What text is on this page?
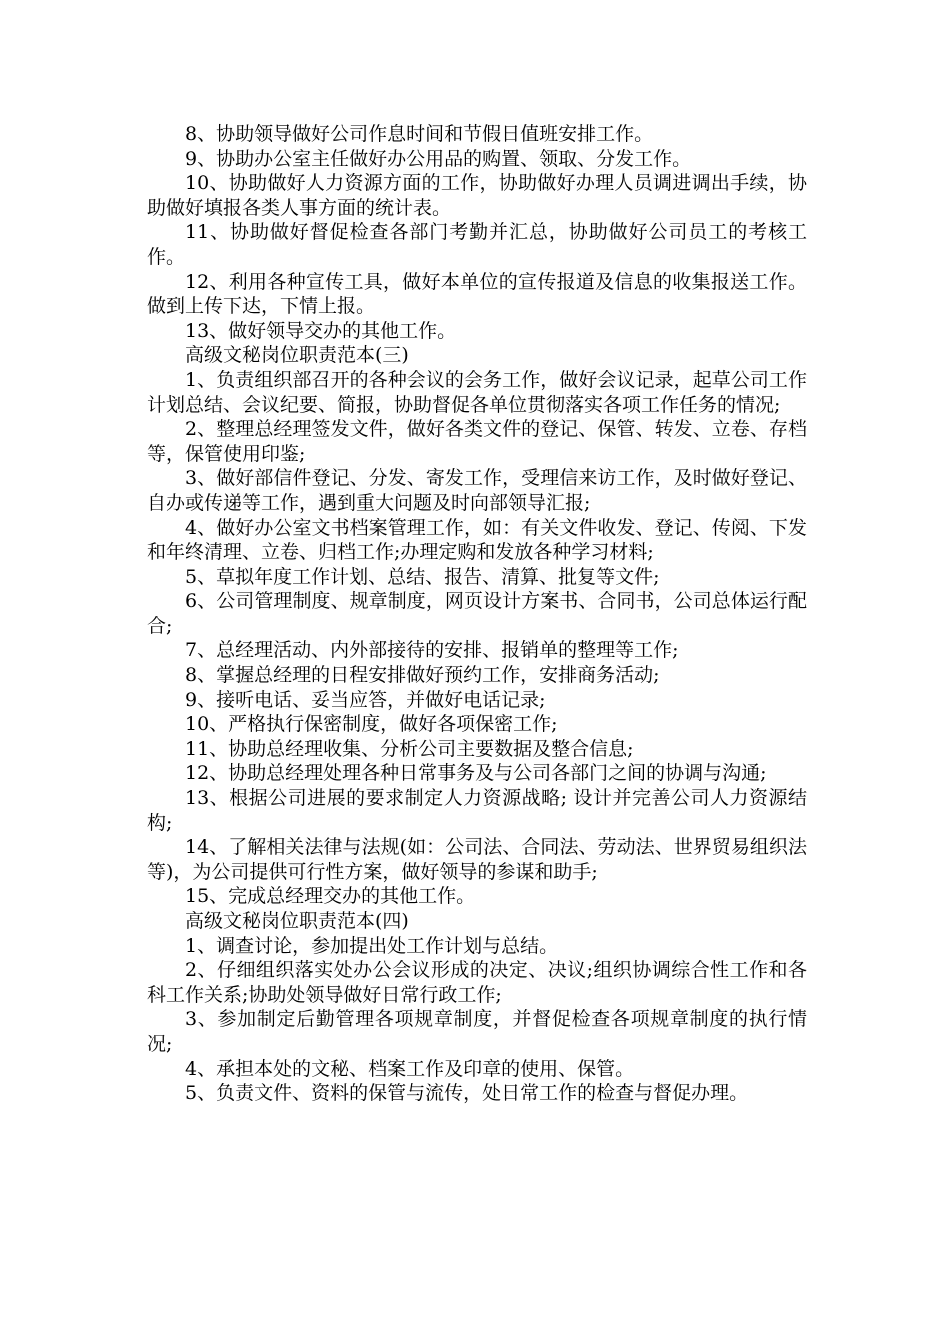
8、协助领导做好公司作息时间和节假日值班安排工作。

9、协助办公室主任做好办公用品的购置、领取、分发工作。

10、协助做好人力资源方面的工作，协助做好办理人员调进调出手续，协助做好填报各类人事方面的统计表。

11、协助做好督促检查各部门考勤并汇总，协助做好公司员工的考核工作。

12、利用各种宣传工具，做好本单位的宣传报道及信息的收集报送工作。做到上传下达，下情上报。

13、做好领导交办的其他工作。

高级文秘岗位职责范本(三)

1、负责组织部召开的各种会议的会务工作，做好会议记录，起草公司工作计划总结、会议纪要、简报，协助督促各单位贯彻落实各项工作任务的情况;

2、整理总经理签发文件，做好各类文件的登记、保管、转发、立卷、存档等，保管使用印鉴;

3、做好部信件登记、分发、寄发工作，受理信来访工作，及时做好登记、自办或传递等工作，遇到重大问题及时向部领导汇报;

4、做好办公室文书档案管理工作，如：有关文件收发、登记、传阅、下发和年终清理、立卷、归档工作;办理定购和发放各种学习材料;

5、草拟年度工作计划、总结、报告、清算、批复等文件;

6、公司管理制度、规章制度，网页设计方案书、合同书，公司总体运行配合;

7、总经理活动、内外部接待的安排、报销单的整理等工作;

8、掌握总经理的日程安排做好预约工作，安排商务活动;

9、接听电话、妥当应答，并做好电话记录;

10、严格执行保密制度，做好各项保密工作;

11、协助总经理收集、分析公司主要数据及整合信息;

12、协助总经理处理各种日常事务及与公司各部门之间的协调与沟通;

13、根据公司进展的要求制定人力资源战略; 设计并完善公司人力资源结构;

14、了解相关法律与法规(如：公司法、合同法、劳动法、世界贸易组织法等)，为公司提供可行性方案，做好领导的参谋和助手;

15、完成总经理交办的其他工作。

高级文秘岗位职责范本(四)

1、调查讨论，参加提出处工作计划与总结。

2、仔细组织落实处办公会议形成的决定、决议;组织协调综合性工作和各科工作关系;协助处领导做好日常行政工作;

3、参加制定后勤管理各项规章制度，并督促检查各项规章制度的执行情况;

4、承担本处的文秘、档案工作及印章的使用、保管。

5、负责文件、资料的保管与流传，处日常工作的检查与督促办理。
